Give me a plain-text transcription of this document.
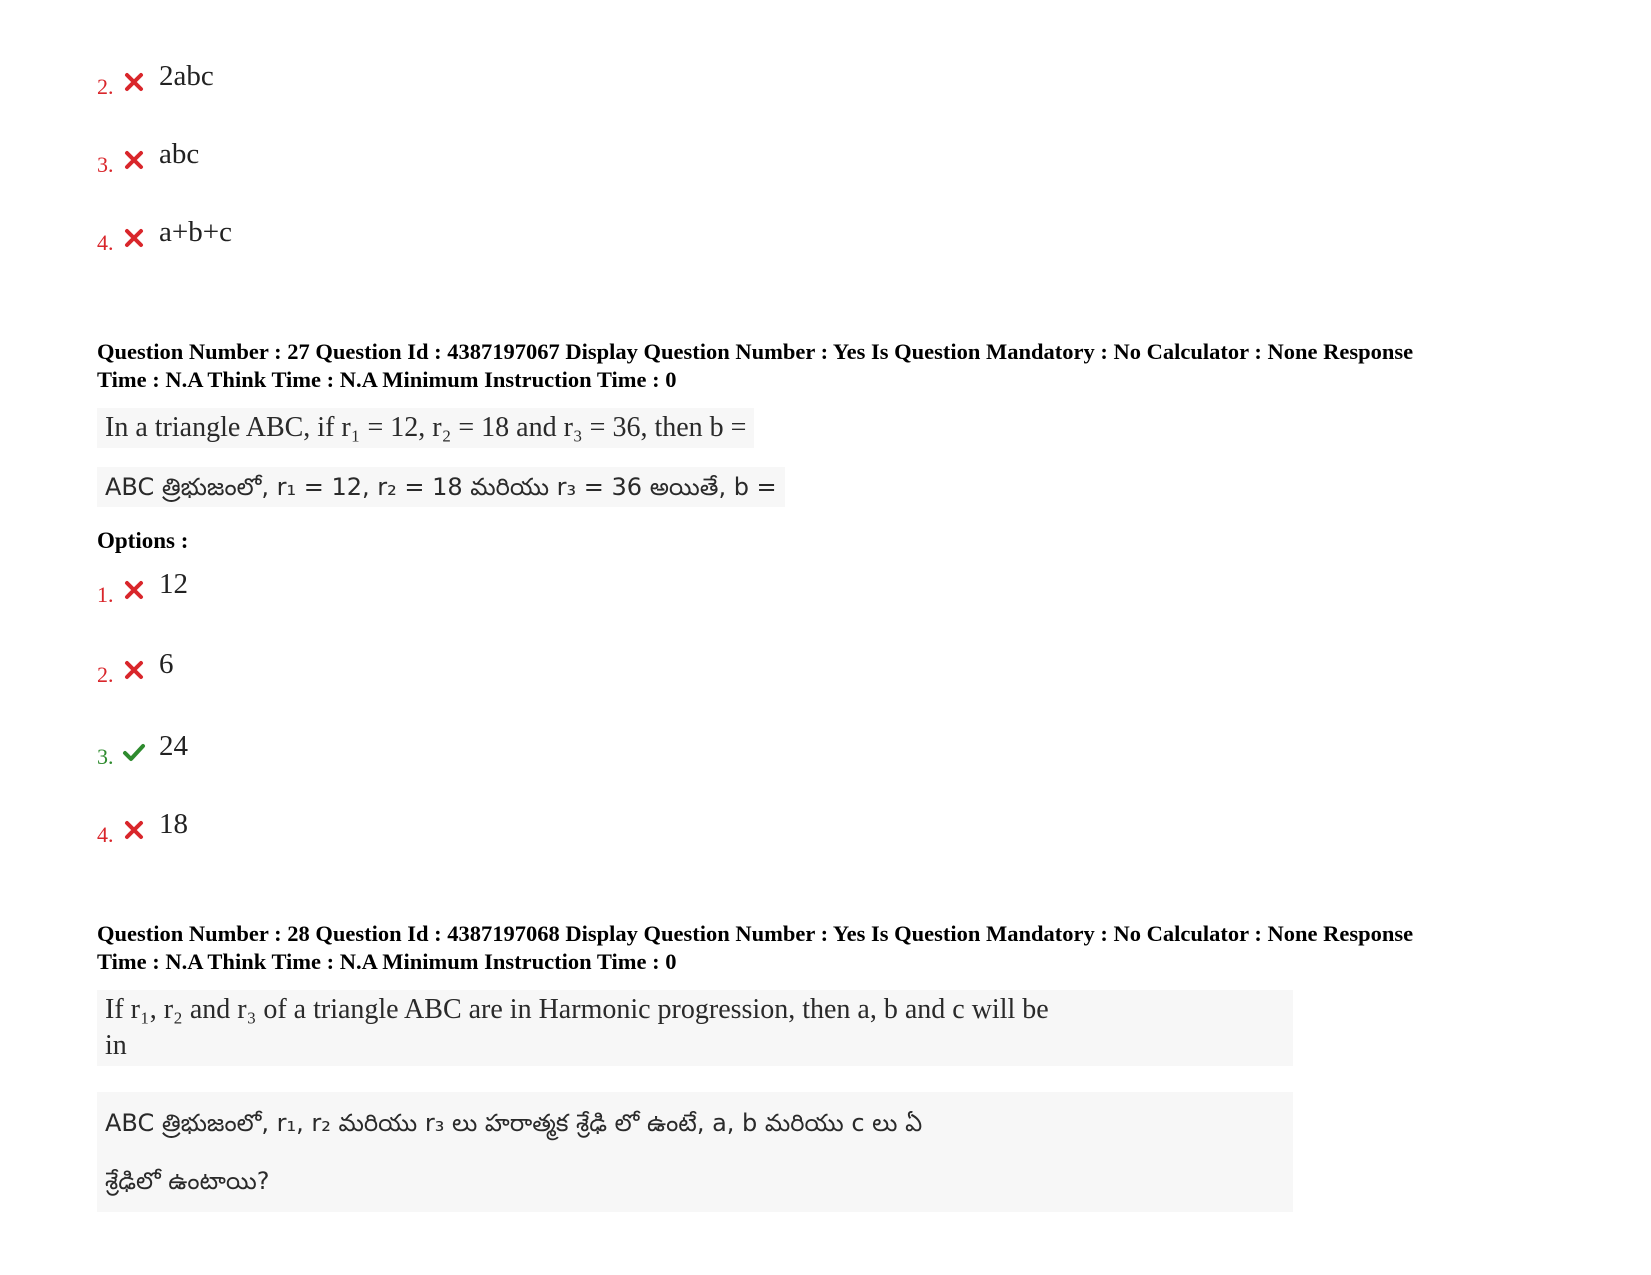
2. 2abc
3. abc
4. a+b+c
Question Number : 27 Question Id : 4387197067 Display Question Number : Yes Is Question Mandatory : No Calculator : None Response
Time : N.A Think Time : N.A Minimum Instruction Time : 0
In a triangle ABC, if r₁ = 12, r₂ = 18 and r₃ = 36, then b =
ABC త్రిభుజంలో, r₁ = 12, r₂ = 18 మరియు r₃ = 36 అయితే, b =
Options :
1. 12
2. 6
3. 24
4. 18
Question Number : 28 Question Id : 4387197068 Display Question Number : Yes Is Question Mandatory : No Calculator : None Response
Time : N.A Think Time : N.A Minimum Instruction Time : 0
If r₁, r₂ and r₃ of a triangle ABC are in Harmonic progression, then a, b and c will be
in
ABC త్రిభుజంలో, r₁, r₂ మరియు r₃ లు హరాత్మక శ్రేఢి లో ఉంటే, a, b మరియు c లు ఏ
శ్రేఢిలో ఉంటాయి?
